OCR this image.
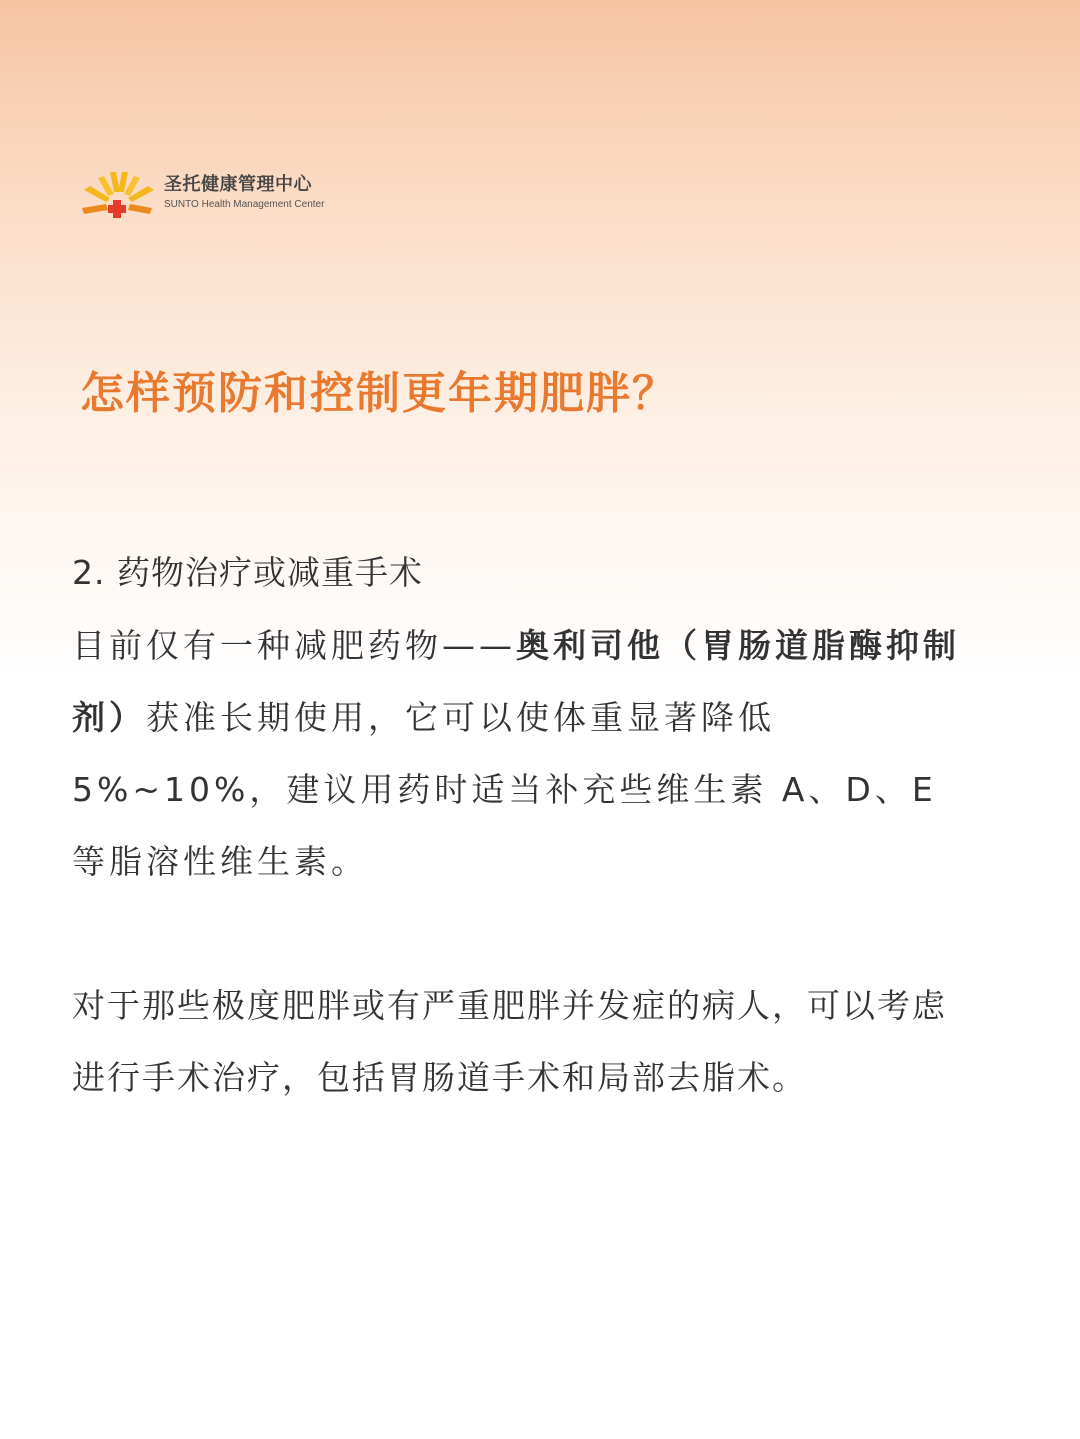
圣托健康管理中心
SUNTO Health Management Center
怎样预防和控制更年期肥胖？
2. 药物治疗或减重手术

目前仅有一种减肥药物——奥利司他（胃肠道脂酶抑制剂）获准长期使用，它可以使体重显著降低5%~10%，建议用药时适当补充些维生素 A、D、E 等脂溶性维生素。

对于那些极度肥胖或有严重肥胖并发症的病人，可以考虑进行手术治疗，包括胃肠道手术和局部去脂术。
